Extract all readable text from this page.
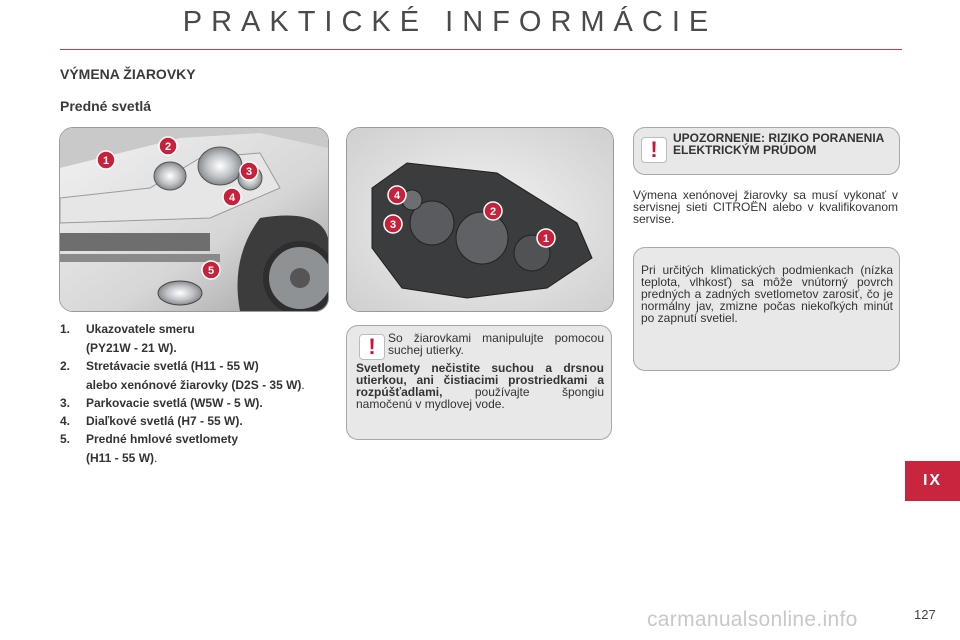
PRAKTICKÉ INFORMÁCIE
VÝMENA ŽIAROVKY
Predné svetlá
1
2
3
4
5
4
3
2
1
1. Ukazovatele smeru
(PY21W - 21 W).
2. Stretávacie svetlá (H11 - 55 W)
alebo xenónové žiarovky (D2S - 35 W).
3. Parkovacie svetlá (W5W - 5 W).
4. Diaľkové svetlá (H7 - 55 W).
5. Predné hmlové svetlomety
(H11 - 55 W).
! So žiarovkami manipulujte pomocou suchej utierky.
Svetlomety nečistite suchou a drsnou utierkou, ani čistiacimi prostriedkami a rozpúšťadlami, používajte špongiu namočenú v mydlovej vode.
! UPOZORNENIE: RIZIKO PORANENIA ELEKTRICKÝM PRÚDOM
Výmena xenónovej žiarovky sa musí vykonať v servisnej sieti CITROËN alebo v kvalifikovanom servise.
Pri určitých klimatických podmienkach (nízka teplota, vlhkosť) sa môže vnútorný povrch predných a zadných svetlometov zarosiť, čo je normálny jav, zmizne počas niekoľkých minút po zapnutí svetiel.
IX
carmanualsonline.info	127
